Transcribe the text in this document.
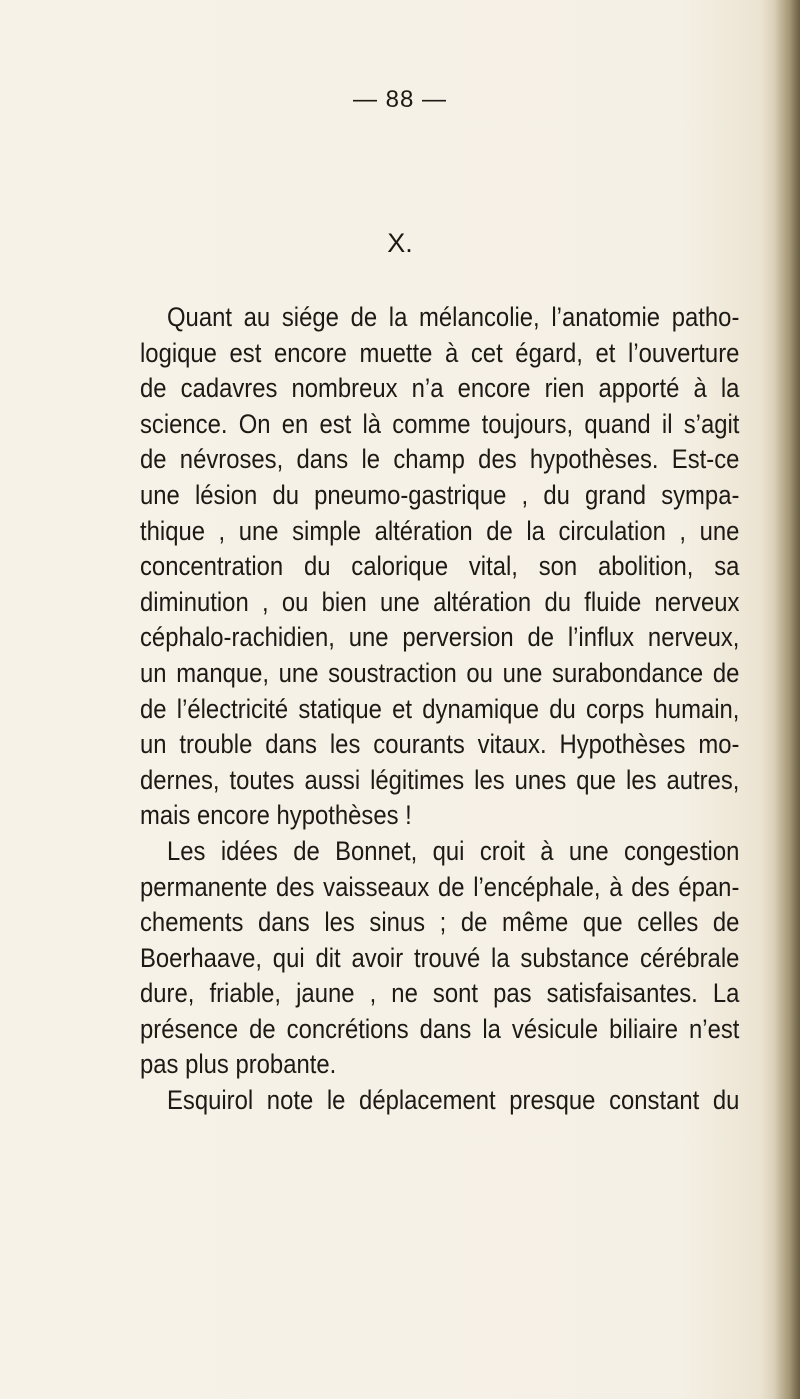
— 88 —
X.
Quant au siége de la mélancolie, l’anatomie patho-
logique est encore muette à cet égard, et l’ouverture
de cadavres nombreux n’a encore rien apporté à la
science. On en est là comme toujours, quand il s’agit
de névroses, dans le champ des hypothèses. Est-ce
une lésion du pneumo-gastrique , du grand sympa-
thique , une simple altération de la circulation , une
concentration du calorique vital, son abolition, sa
diminution , ou bien une altération du fluide nerveux
céphalo-rachidien, une perversion de l’influx nerveux,
un manque, une soustraction ou une surabondance de
de l’électricité statique et dynamique du corps humain,
un trouble dans les courants vitaux. Hypothèses mo-
dernes, toutes aussi légitimes les unes que les autres,
mais encore hypothèses !
Les idées de Bonnet, qui croit à une congestion
permanente des vaisseaux de l’encéphale, à des épan-
chements dans les sinus ; de même que celles de
Boerhaave, qui dit avoir trouvé la substance cérébrale
dure, friable, jaune , ne sont pas satisfaisantes. La
présence de concrétions dans la vésicule biliaire n’est
pas plus probante.
Esquirol note le déplacement presque constant du
